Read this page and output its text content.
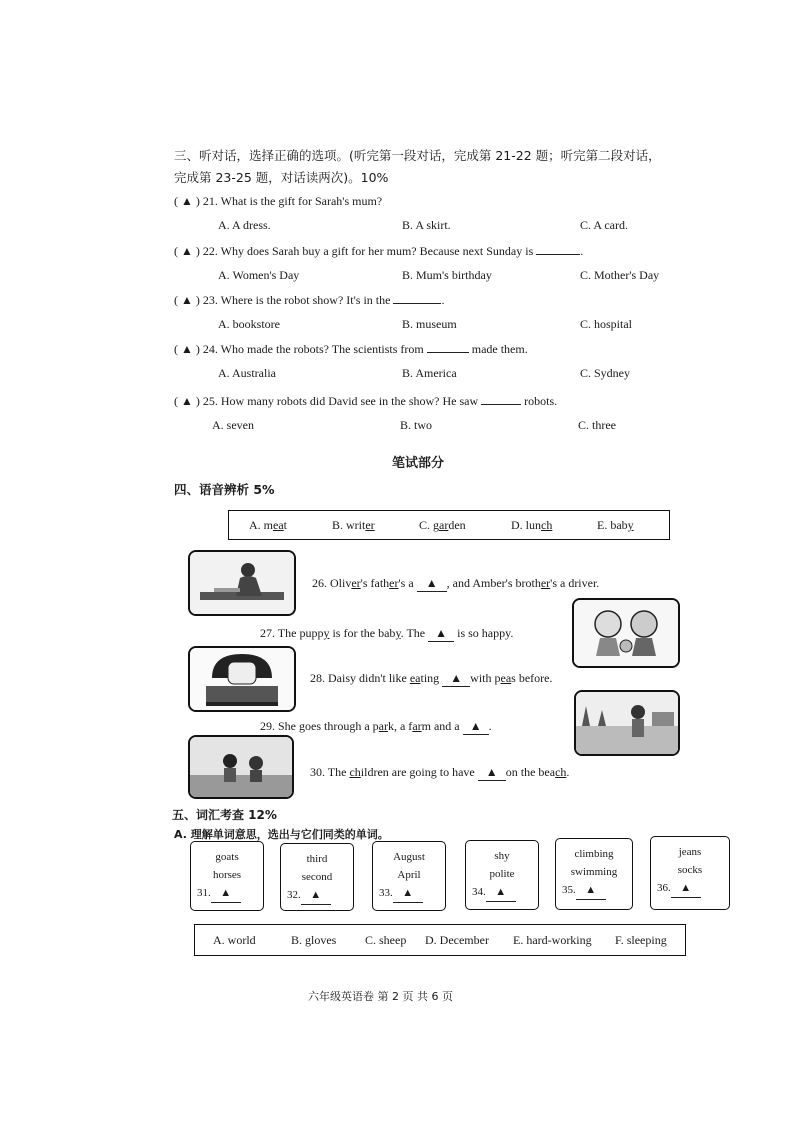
三、听对话，选择正确的选项。(听完第一段对话，完成第 21-22 题；听完第二段对话，
完成第 23-25 题，对话读两次)。10%
( ▲ ) 21. What is the gift for Sarah's mum?
A. A dress.	B. A skirt.	C. A card.
( ▲ ) 22. Why does Sarah buy a gift for her mum? Because next Sunday is	.
A. Women's Day	B. Mum's birthday	C. Mother's Day
( ▲ ) 23. Where is the robot show? It's in the	.
A. bookstore	B. museum	C. hospital
( ▲ ) 24. Who made the robots? The scientists from	made them.
A. Australia	B. America	C. Sydney
( ▲ ) 25. How many robots did David see in the show? He saw	robots.
A. seven	B. two	C. three
笔试部分
四、语音辨析 5%
A. meat	B. writer	C. garden	D. lunch	E. baby
26. Oliver's father's a ▲ , and Amber's brother's a driver.
27. The puppy is for the baby. The ▲ is so happy.
28. Daisy didn't like eating ▲ with peas before.
29. She goes through a park, a farm and a ▲ .
30. The children are going to have ▲ on the beach.
五、词汇考查 12%
A. 理解单词意思，选出与它们同类的单词。
goats
horses
31. ▲
third
second
32. ▲
August
April
33. ▲
shy
polite
34. ▲
climbing
swimming
35. ▲
jeans
socks
36. ▲
A. world	B. gloves C. sheep D. December E. hard-working F. sleeping
六年级英语卷 第 2 页 共 6 页
